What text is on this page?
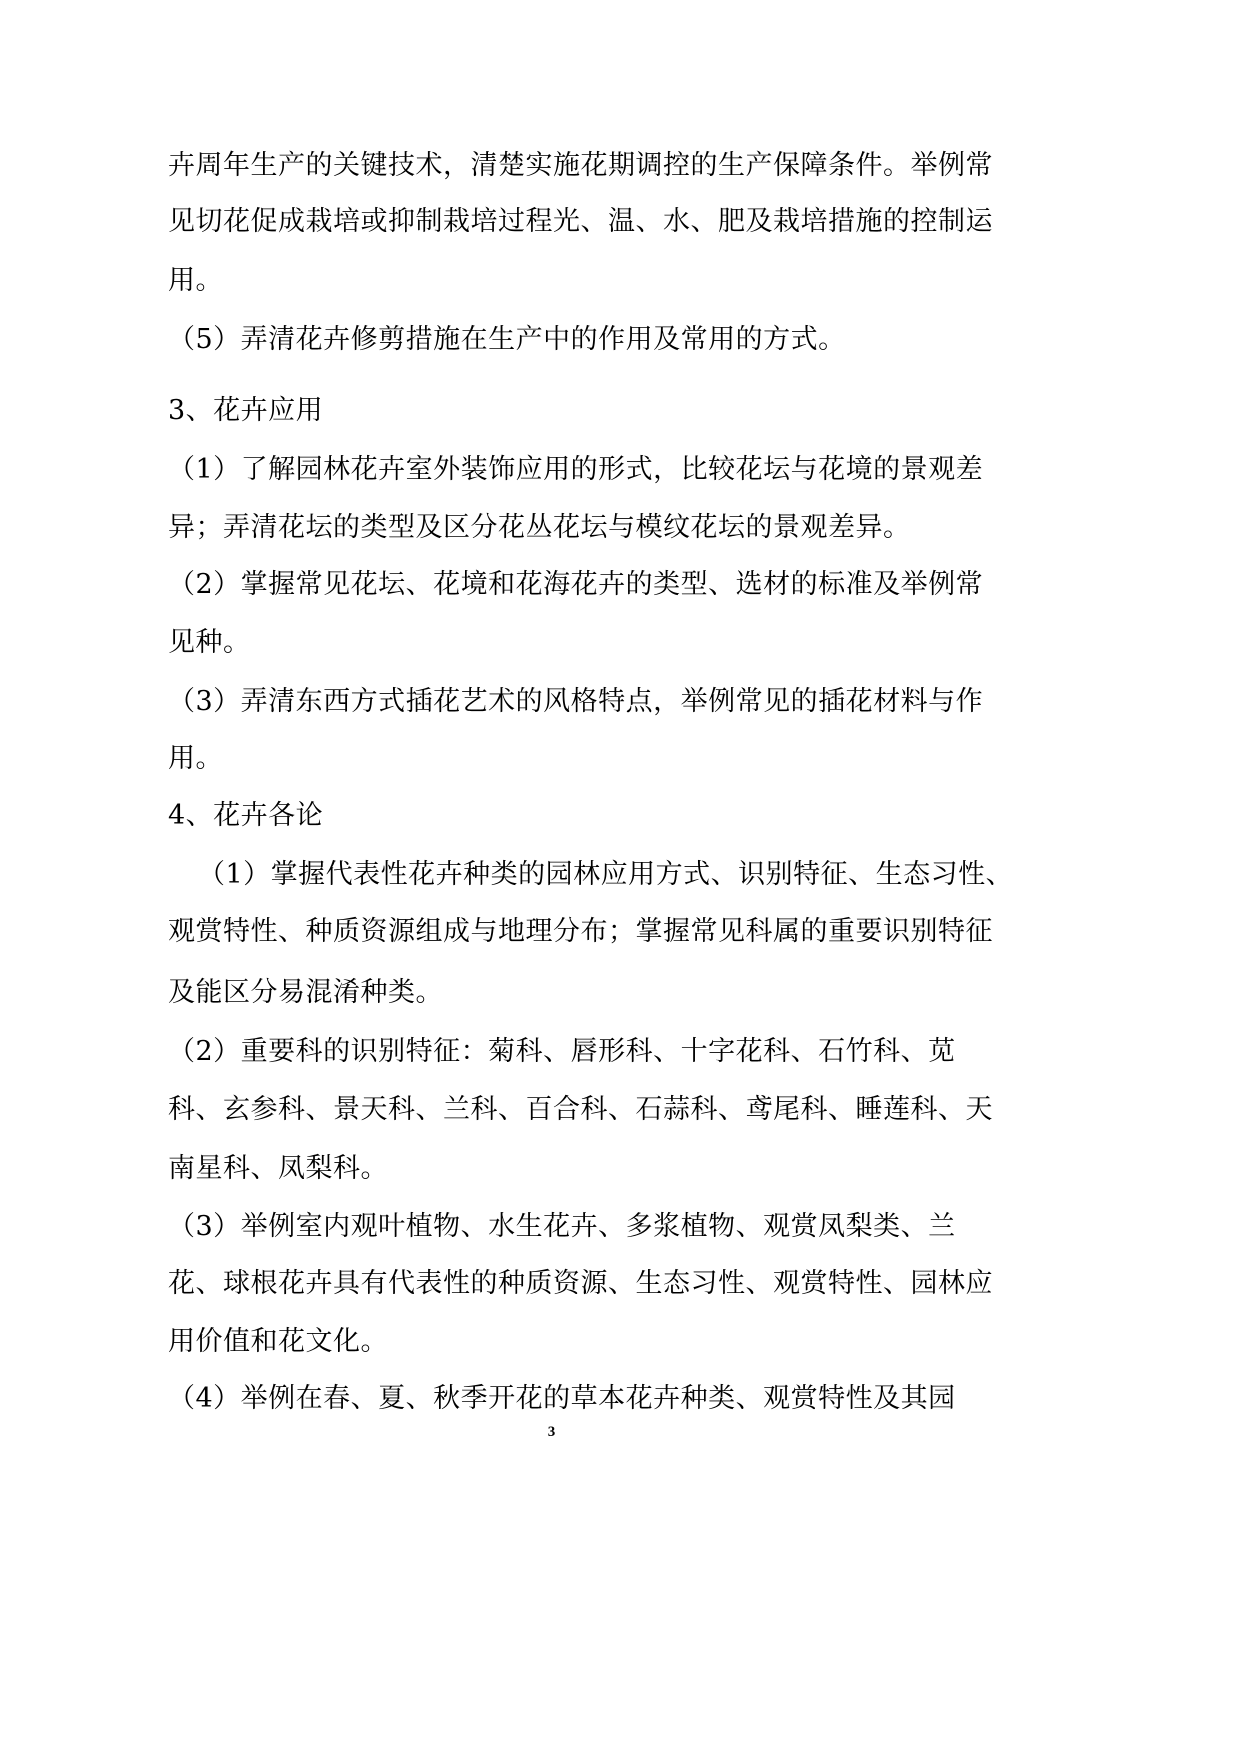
卉周年生产的关键技术，清楚实施花期调控的生产保障条件。举例常
见切花促成栽培或抑制栽培过程光、温、水、肥及栽培措施的控制运
用。
（5）弄清花卉修剪措施在生产中的作用及常用的方式。
3、花卉应用
（1）了解园林花卉室外装饰应用的形式，比较花坛与花境的景观差
异；弄清花坛的类型及区分花丛花坛与模纹花坛的景观差异。
（2）掌握常见花坛、花境和花海花卉的类型、选材的标准及举例常
见种。
（3）弄清东西方式插花艺术的风格特点，举例常见的插花材料与作
用。
4、花卉各论
（1）掌握代表性花卉种类的园林应用方式、识别特征、生态习性、
观赏特性、种质资源组成与地理分布；掌握常见科属的重要识别特征
及能区分易混淆种类。
（2）重要科的识别特征：菊科、唇形科、十字花科、石竹科、苋
科、玄参科、景天科、兰科、百合科、石蒜科、鸢尾科、睡莲科、天
南星科、凤梨科。
（3）举例室内观叶植物、水生花卉、多浆植物、观赏凤梨类、兰
花、球根花卉具有代表性的种质资源、生态习性、观赏特性、园林应
用价值和花文化。
（4）举例在春、夏、秋季开花的草本花卉种类、观赏特性及其园
3
